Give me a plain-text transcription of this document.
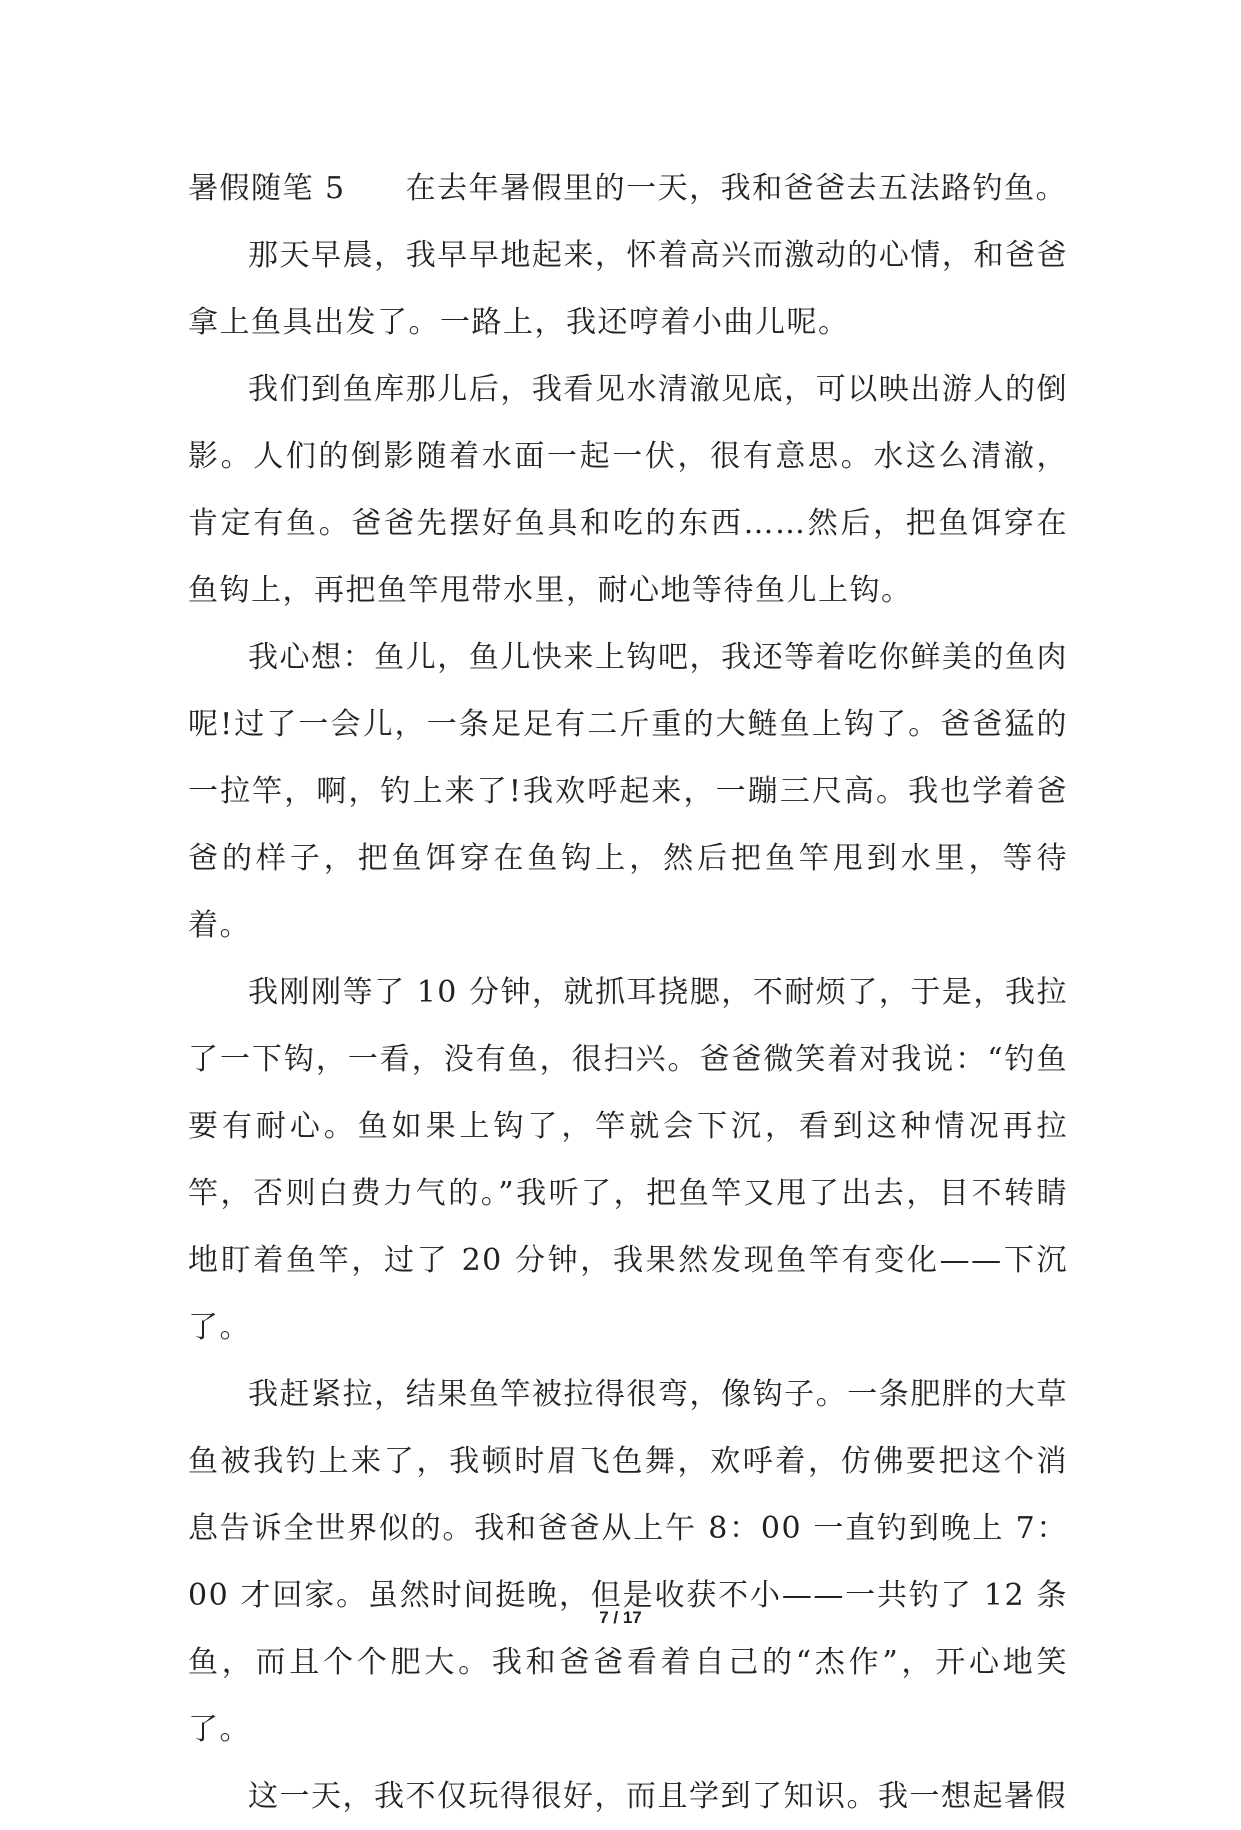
暑假随笔 5 在去年暑假里的一天，我和爸爸去五法路钓鱼。

那天早晨，我早早地起来，怀着高兴而激动的心情，和爸爸拿上鱼具出发了。一路上，我还哼着小曲儿呢。

我们到鱼库那儿后，我看见水清澈见底，可以映出游人的倒影。人们的倒影随着水面一起一伏，很有意思。水这么清澈，肯定有鱼。爸爸先摆好鱼具和吃的东西……然后，把鱼饵穿在鱼钩上，再把鱼竿甩带水里，耐心地等待鱼儿上钩。

我心想：鱼儿，鱼儿快来上钩吧，我还等着吃你鲜美的鱼肉呢!过了一会儿，一条足足有二斤重的大鲢鱼上钩了。爸爸猛的一拉竿，啊，钓上来了!我欢呼起来，一蹦三尺高。我也学着爸爸的样子，把鱼饵穿在鱼钩上，然后把鱼竿甩到水里，等待着。

我刚刚等了 10 分钟，就抓耳挠腮，不耐烦了，于是，我拉了一下钩，一看，没有鱼，很扫兴。爸爸微笑着对我说：“钓鱼要有耐心。鱼如果上钩了，竿就会下沉，看到这种情况再拉竿，否则白费力气的。”我听了，把鱼竿又甩了出去，目不转睛地盯着鱼竿，过了 20 分钟，我果然发现鱼竿有变化——下沉了。

我赶紧拉，结果鱼竿被拉得很弯，像钩子。一条肥胖的大草鱼被我钓上来了，我顿时眉飞色舞，欢呼着，仿佛要把这个消息告诉全世界似的。我和爸爸从上午 8：00 一直钓到晚上 7：00 才回家。虽然时间挺晚，但是收获不小——一共钓了 12 条鱼，而且个个肥大。我和爸爸看着自己的“杰作”，开心地笑了。

这一天，我不仅玩得很好，而且学到了知识。我一想起暑假

7 / 17
